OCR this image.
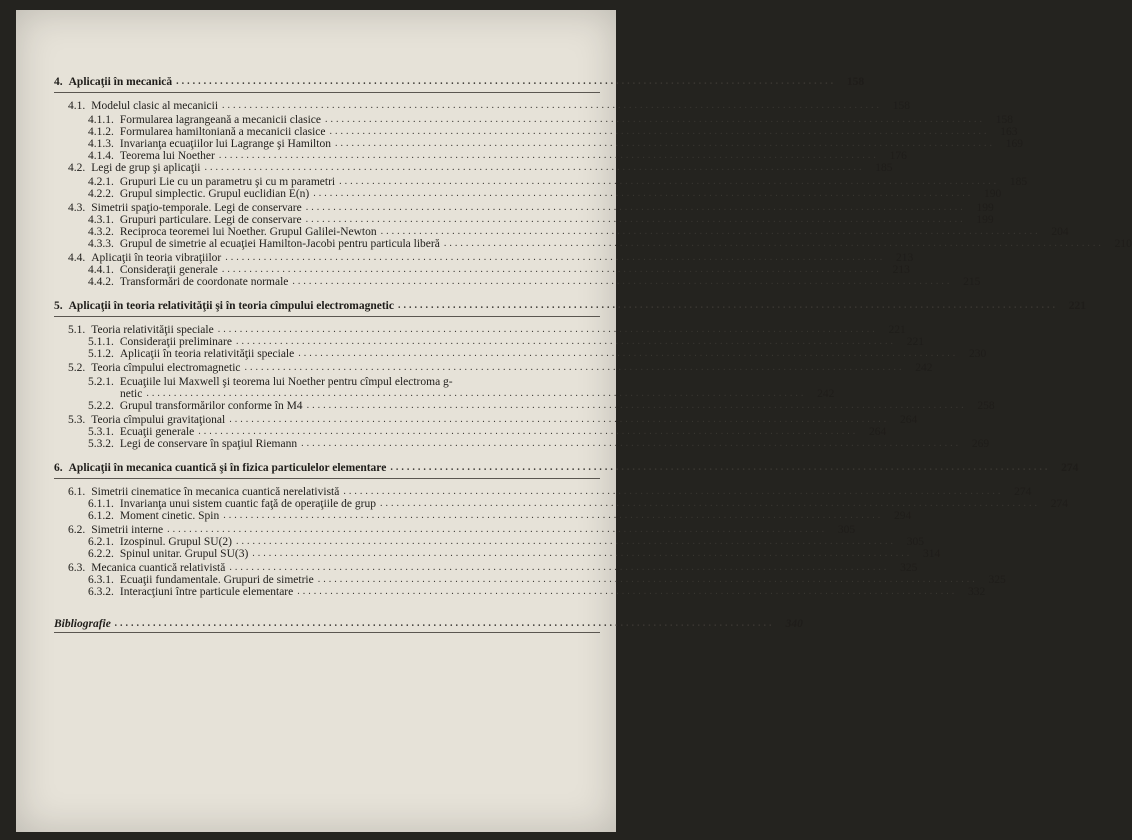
4. Aplicaţii în mecanică ........................................................................................................................ 158
4.1. Modelul clasic al mecanicii ........................................................................................................................ 158
4.1.1. Formularea lagrangeană a mecanicii clasice ........................................................................................................................ 158
4.1.2. Formularea hamiltoniană a mecanicii clasice ........................................................................................................................ 163
4.1.3. Invarianţa ecuaţiilor lui Lagrange şi Hamilton ........................................................................................................................ 169
4.1.4. Teorema lui Noether ........................................................................................................................ 176
4.2. Legi de grup şi aplicaţii ........................................................................................................................ 185
4.2.1. Grupuri Lie cu un parametru şi cu m parametri ........................................................................................................................ 185
4.2.2. Grupul simplectic. Grupul euclidian E(n) ........................................................................................................................ 190
4.3. Simetrii spaţio-temporale. Legi de conservare ........................................................................................................................ 199
4.3.1. Grupuri particulare. Legi de conservare ........................................................................................................................ 199
4.3.2. Reciproca teoremei lui Noether. Grupul Galilei-Newton ........................................................................................................................ 204
4.3.3. Grupul de simetrie al ecuaţiei Hamilton-Jacobi pentru particula liberă ........................................................................................................................ 210
4.4. Aplicaţii în teoria vibraţiilor ........................................................................................................................ 213
4.4.1. Consideraţii generale ........................................................................................................................ 213
4.4.2. Transformări de coordonate normale ........................................................................................................................ 215
5. Aplicaţii în teoria relativităţii şi în teoria cîmpului electromagnetic ........................................................................................................................ 221
5.1. Teoria relativităţii speciale ........................................................................................................................ 221
5.1.1. Consideraţii preliminare ........................................................................................................................ 221
5.1.2. Aplicaţii în teoria relativităţii speciale ........................................................................................................................ 230
5.2. Teoria cîmpului electromagnetic ........................................................................................................................ 242
5.2.1. Ecuaţiile lui Maxwell şi teorema lui Noether pentru cîmpul electroma g-
netic ........................................................................................................................ 242
5.2.2. Grupul transformărilor conforme în M4 ........................................................................................................................ 258
5.3. Teoria cîmpului gravitaţional ........................................................................................................................ 264
5.3.1. Ecuaţii generale ........................................................................................................................ 264
5.3.2. Legi de conservare în spaţiul Riemann ........................................................................................................................ 269
6. Aplicaţii în mecanica cuantică şi în fizica particulelor elementare ........................................................................................................................ 274
6.1. Simetrii cinematice în mecanica cuantică nerelativistă ........................................................................................................................ 274
6.1.1. Invarianţa unui sistem cuantic faţă de operaţiile de grup ........................................................................................................................ 274
6.1.2. Moment cinetic. Spin ........................................................................................................................ 294
6.2. Simetrii interne ........................................................................................................................ 305
6.2.1. Izospinul. Grupul SU(2) ........................................................................................................................ 305
6.2.2. Spinul unitar. Grupul SU(3) ........................................................................................................................ 314
6.3. Mecanica cuantică relativistă ........................................................................................................................ 325
6.3.1. Ecuaţii fundamentale. Grupuri de simetrie ........................................................................................................................ 325
6.3.2. Interacţiuni între particule elementare ........................................................................................................................ 332
Bibliografie ........................................................................................................................ 340
